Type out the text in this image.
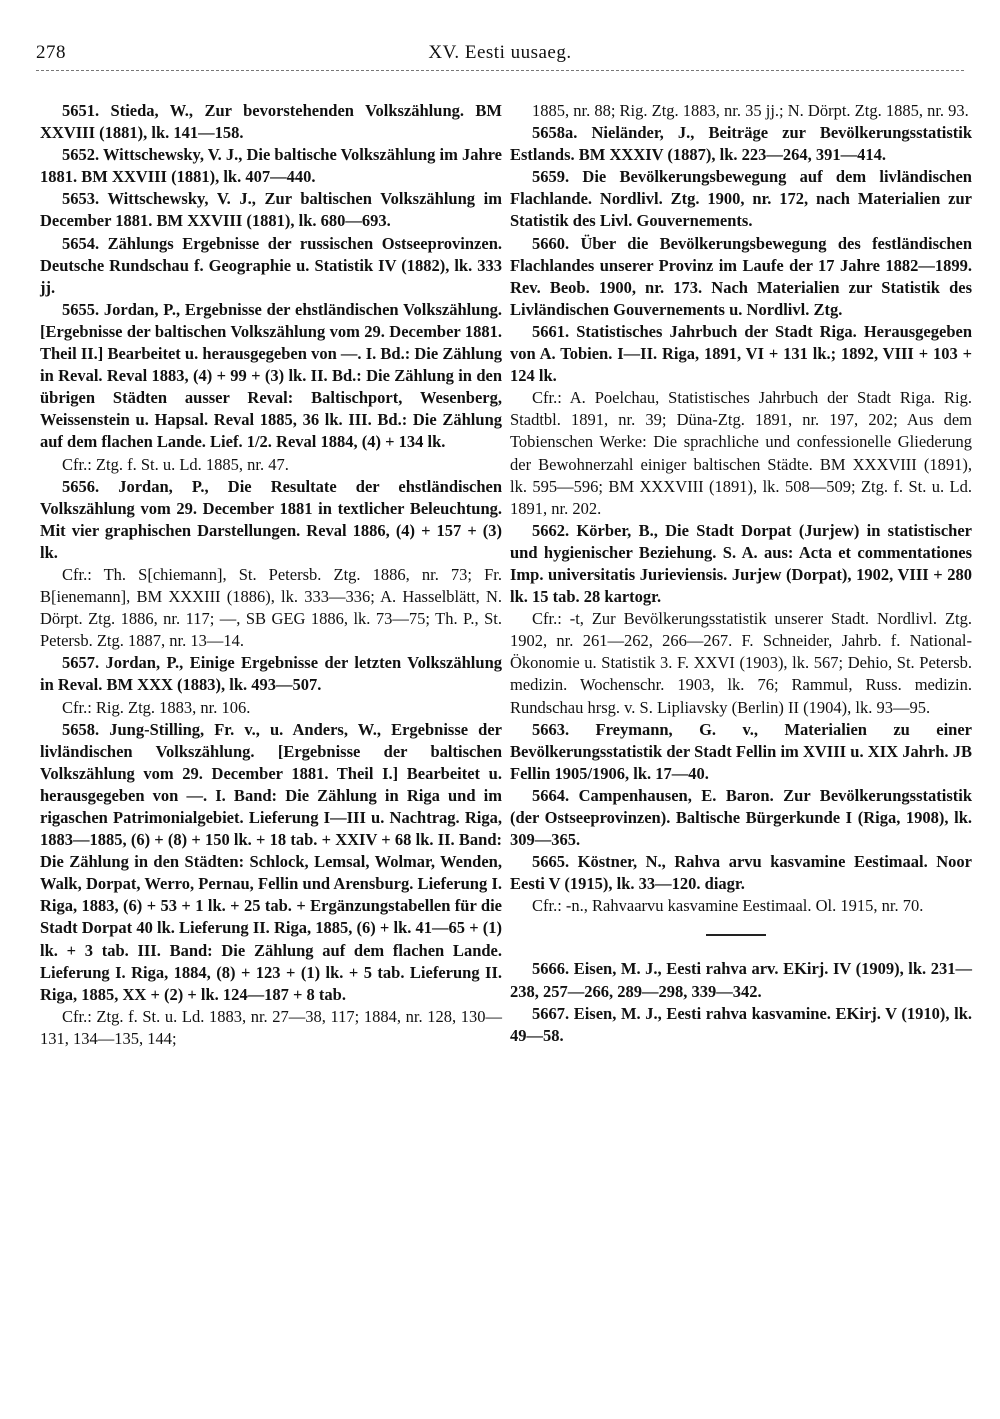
278	XV. Eesti uusaeg.

5651. Stieda, W., Zur bevorstehenden Volkszählung. BM XXVIII (1881), lk. 141—158.

5652. Wittschewsky, V. J., Die baltische Volkszählung im Jahre 1881. BM XXVIII (1881), lk. 407—440.

5653. Wittschewsky, V. J., Zur baltischen Volkszählung im December 1881. BM XXVIII (1881), lk. 680—693.

5654. Zählungs Ergebnisse der russischen Ostseeprovinzen. Deutsche Rundschau f. Geographie u. Statistik IV (1882), lk. 333 jj.

5655. Jordan, P., Ergebnisse der ehstländischen Volkszählung. [Ergebnisse der baltischen Volkszählung vom 29. December 1881. Theil II.] Bearbeitet u. herausgegeben von —. I. Bd.: Die Zählung in Reval. Reval 1883, (4) + 99 + (3) lk. II. Bd.: Die Zählung in den übrigen Städten ausser Reval: Baltischport, Wesenberg, Weissenstein u. Hapsal. Reval 1885, 36 lk. III. Bd.: Die Zählung auf dem flachen Lande. Lief. 1/2. Reval 1884, (4) + 134 lk.

Cfr.: Ztg. f. St. u. Ld. 1885, nr. 47.

5656. Jordan, P., Die Resultate der ehstländischen Volkszählung vom 29. December 1881 in textlicher Beleuchtung. Mit vier graphischen Darstellungen. Reval 1886, (4) + 157 + (3) lk.

Cfr.: Th. S[chiemann], St. Petersb. Ztg. 1886, nr. 73; Fr. B[ienemann], BM XXXIII (1886), lk. 333—336; A. Hasselblätt, N. Dörpt. Ztg. 1886, nr. 117; —, SB GEG 1886, lk. 73—75; Th. P., St. Petersb. Ztg. 1887, nr. 13—14.

5657. Jordan, P., Einige Ergebnisse der letzten Volkszählung in Reval. BM XXX (1883), lk. 493—507.

Cfr.: Rig. Ztg. 1883, nr. 106.

5658. Jung-Stilling, Fr. v., u. Anders, W., Ergebnisse der livländischen Volkszählung. [Ergebnisse der baltischen Volkszählung vom 29. December 1881. Theil I.] Bearbeitet u. herausgegeben von —. I. Band: Die Zählung in Riga und im rigaschen Patrimonialgebiet. Lieferung I—III u. Nachtrag. Riga, 1883—1885, (6) + (8) + 150 lk. + 18 tab. + XXIV + 68 lk. II. Band: Die Zählung in den Städten: Schlock, Lemsal, Wolmar, Wenden, Walk, Dorpat, Werro, Pernau, Fellin und Arensburg. Lieferung I. Riga, 1883, (6) + 53 + 1 lk. + 25 tab. + Ergänzungstabellen für die Stadt Dorpat 40 lk. Lieferung II. Riga, 1885, (6) + lk. 41—65 + (1) lk. + 3 tab. III. Band: Die Zählung auf dem flachen Lande. Lieferung I. Riga, 1884, (8) + 123 + (1) lk. + 5 tab. Lieferung II. Riga, 1885, XX + (2) + lk. 124—187 + 8 tab.

Cfr.: Ztg. f. St. u. Ld. 1883, nr. 27—38, 117; 1884, nr. 128, 130—131, 134—135, 144;

1885, nr. 88; Rig. Ztg. 1883, nr. 35 jj.; N. Dörpt. Ztg. 1885, nr. 93.

5658a. Nieländer, J., Beiträge zur Bevölkerungsstatistik Estlands. BM XXXIV (1887), lk. 223—264, 391—414.

5659. Die Bevölkerungsbewegung auf dem livländischen Flachlande. Nordlivl. Ztg. 1900, nr. 172, nach Materialien zur Statistik des Livl. Gouvernements.

5660. Über die Bevölkerungsbewegung des festländischen Flachlandes unserer Provinz im Laufe der 17 Jahre 1882—1899. Rev. Beob. 1900, nr. 173. Nach Materialien zur Statistik des Livländischen Gouvernements u. Nordlivl. Ztg.

5661. Statistisches Jahrbuch der Stadt Riga. Herausgegeben von A. Tobien. I—II. Riga, 1891, VI + 131 lk.; 1892, VIII + 103 + 124 lk.

Cfr.: A. Poelchau, Statistisches Jahrbuch der Stadt Riga. Rig. Stadtbl. 1891, nr. 39; Düna-Ztg. 1891, nr. 197, 202; Aus dem Tobienschen Werke: Die sprachliche und confessionelle Gliederung der Bewohnerzahl einiger baltischen Städte. BM XXXVIII (1891), lk. 595—596; BM XXXVIII (1891), lk. 508—509; Ztg. f. St. u. Ld. 1891, nr. 202.

5662. Körber, B., Die Stadt Dorpat (Jurjew) in statistischer und hygienischer Beziehung. S. A. aus: Acta et commentationes Imp. universitatis Jurieviensis. Jurjew (Dorpat), 1902, VIII + 280 lk. 15 tab. 28 kartogr.

Cfr.: -t, Zur Bevölkerungsstatistik unserer Stadt. Nordlivl. Ztg. 1902, nr. 261—262, 266—267. F. Schneider, Jahrb. f. National-Ökonomie u. Statistik 3. F. XXVI (1903), lk. 567; Dehio, St. Petersb. medizin. Wochenschr. 1903, lk. 76; Rammul, Russ. medizin. Rundschau hrsg. v. S. Lipliavsky (Berlin) II (1904), lk. 93—95.

5663. Freymann, G. v., Materialien zu einer Bevölkerungsstatistik der Stadt Fellin im XVIII u. XIX Jahrh. JB Fellin 1905/1906, lk. 17—40.

5664. Campenhausen, E. Baron. Zur Bevölkerungsstatistik (der Ostseeprovinzen). Baltische Bürgerkunde I (Riga, 1908), lk. 309—365.

5665. Köstner, N., Rahva arvu kasvamine Eestimaal. Noor Eesti V (1915), lk. 33—120. diagr.

Cfr.: -n., Rahvaarvu kasvamine Eestimaal. Ol. 1915, nr. 70.

5666. Eisen, M. J., Eesti rahva arv. EKirj. IV (1909), lk. 231—238, 257—266, 289—298, 339—342.

5667. Eisen, M. J., Eesti rahva kasvamine. EKirj. V (1910), lk. 49—58.
